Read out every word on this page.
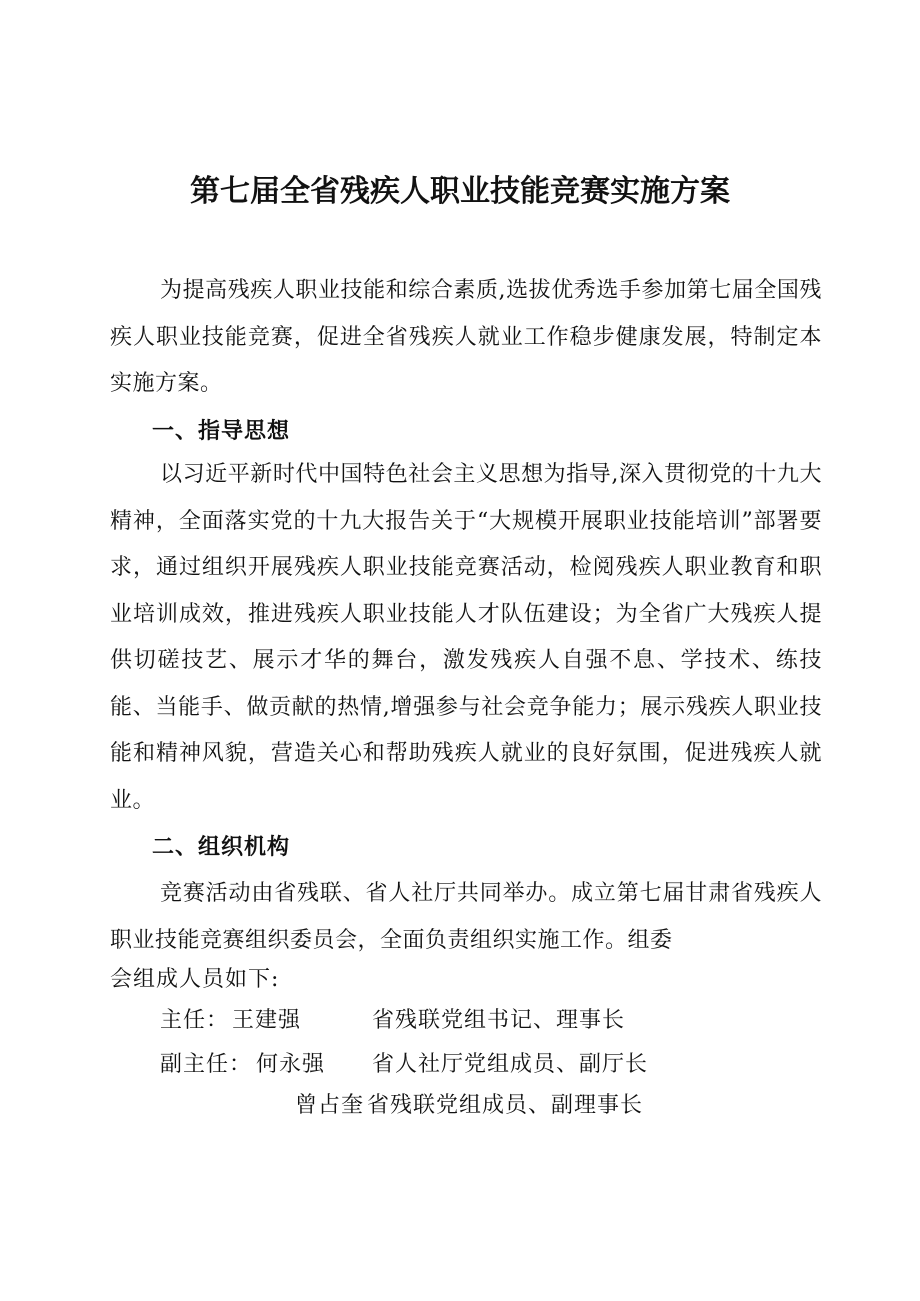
第七届全省残疾人职业技能竞赛实施方案

为提高残疾人职业技能和综合素质,选拔优秀选手参加第七届全国残疾人职业技能竞赛，促进全省残疾人就业工作稳步健康发展，特制定本实施方案。

一、指导思想

以习近平新时代中国特色社会主义思想为指导,深入贯彻党的十九大精神，全面落实党的十九大报告关于“大规模开展职业技能培训”部署要求，通过组织开展残疾人职业技能竞赛活动，检阅残疾人职业教育和职业培训成效，推进残疾人职业技能人才队伍建设；为全省广大残疾人提供切磋技艺、展示才华的舞台，激发残疾人自强不息、学技术、练技能、当能手、做贡献的热情,增强参与社会竞争能力；展示残疾人职业技能和精神风貌，营造关心和帮助残疾人就业的良好氛围，促进残疾人就业。

二、组织机构

竞赛活动由省残联、省人社厅共同举办。成立第七届甘肃省残疾人职业技能竞赛组织委员会，全面负责组织实施工作。组委

会组成人员如下:

主任： 王建强	省残联党组书记、理事长
副主任： 何永强 省人社厅党组成员、副厅长
曾占奎 省残联党组成员、副理事长
